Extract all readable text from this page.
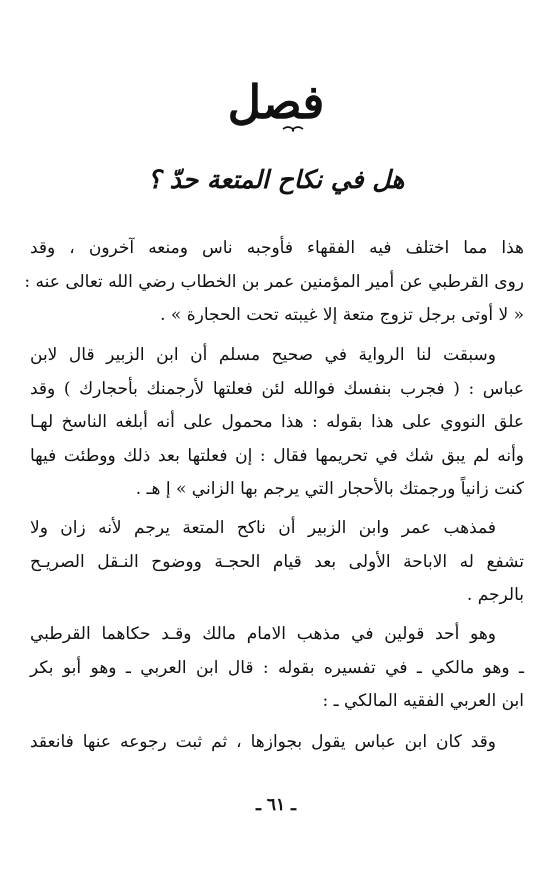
فصل
هل في نكاح المتعة حدّ ؟
هذا مما اختلف فيه الفقهاء فأوجبه ناس ومنعه آخرون ، وقد
روى القرطبي عن أمير المؤمنين عمر بن الخطاب رضي الله تعالى عنه :
« لا أوتى برجل تزوج متعة إلا غيبته تحت الحجارة » .
وسبقت لنا الرواية في صحيح مسلم أن ابن الزبير قال لابن
عباس : ( فجرب بنفسك فوالله لئن فعلتها لأرجمنك بأحجارك ) وقد
علق النووي على هذا بقوله : هذا محمول على أنه أبلغه الناسخ لهـا
وأنه لم يبق شك في تحريمها فقال : إن فعلتها بعد ذلك ووطئت فيها
كنت زانياً ورجمتك بالأحجار التي يرجم بها الزاني » إ هـ .
فمذهب عمر وابن الزبير أن ناكح المتعة يرجم لأنه زان ولا
تشفع له الاباحة الأولى بعد قيام الحجـة ووضوح النـقل الصريـح
بالرجم .
وهو أحد قولين في مذهب الامام مالك وقـد حكاهما القرطبي
ـ وهو مالكي ـ في تفسيره بقوله : قال ابن العربي ـ وهو أبو بكر
ابن العربي الفقيه المالكي ـ :
وقد كان ابن عباس يقول بجوازها ، ثم ثبت رجوعه عنها فانعقد
ـ ٦١ ـ
